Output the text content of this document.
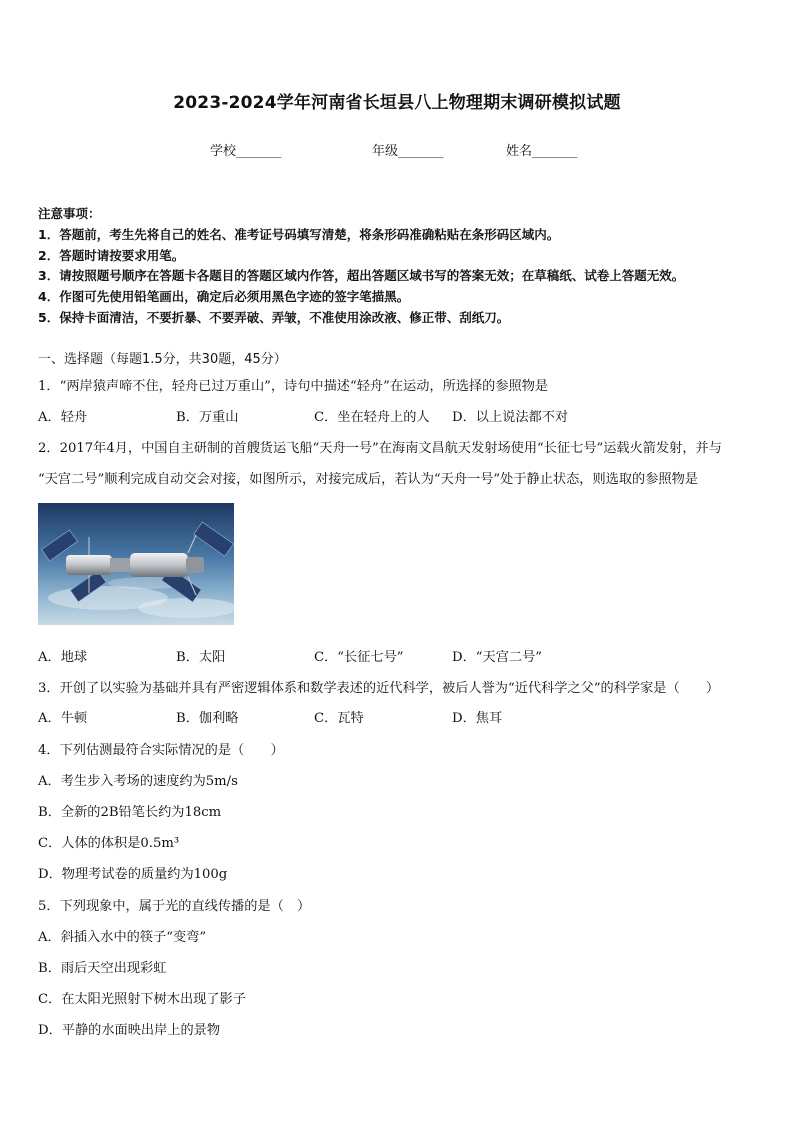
2023-2024学年河南省长垣县八上物理期末调研模拟试题
学校_______	年级_______	姓名_______
注意事项：
1．答题前，考生先将自己的姓名、准考证号码填写清楚，将条形码准确粘贴在条形码区域内。
2．答题时请按要求用笔。
3．请按照题号顺序在答题卡各题目的答题区域内作答，超出答题区域书写的答案无效；在草稿纸、试卷上答题无效。
4．作图可先使用铅笔画出，确定后必须用黑色字迹的签字笔描黑。
5．保持卡面清洁，不要折暴、不要弄破、弄皱，不准使用涂改液、修正带、刮纸刀。
一、选择题（每题1.5分，共30题，45分）
1．“两岸猿声啼不住，轻舟已过万重山”，诗句中描述“轻舟”在运动，所选择的参照物是
A．轻舟	B．万重山	C．坐在轻舟上的人 D．以上说法都不对
2．2017年4月，中国自主研制的首艘货运飞船“天舟一号”在海南文昌航天发射场使用“长征七号”运载火箭发射，并与
“天宫二号”顺利完成自动交会对接，如图所示，对接完成后，若认为“天舟一号”处于静止状态，则选取的参照物是
A．地球	B．太阳	C．“长征七号”	D．“天宫二号”
3．开创了以实验为基础并具有严密逻辑体系和数学表述的近代科学，被后人誉为“近代科学之父”的科学家是（　　）
A．牛顿	B．伽利略	C．瓦特	D．焦耳
4．下列估测最符合实际情况的是（　　）
A．考生步入考场的速度约为5m/s
B．全新的2B铅笔长约为18cm
C．人体的体积是0.5m³
D．物理考试卷的质量约为100g
5．下列现象中，属于光的直线传播的是（　）
A．斜插入水中的筷子“变弯”
B．雨后天空出现彩虹
C．在太阳光照射下树木出现了影子
D．平静的水面映出岸上的景物
